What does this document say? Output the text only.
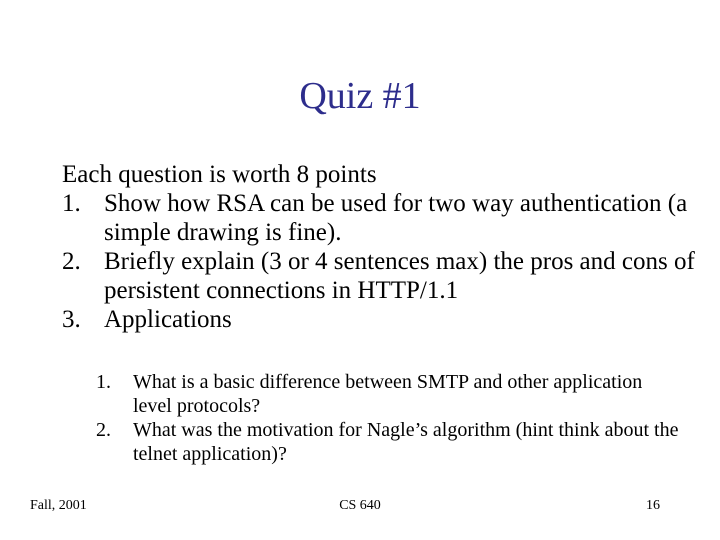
Quiz #1

Each question is worth 8 points

1. Show how RSA can be used for two way authentication (a simple drawing is fine).
2. Briefly explain (3 or 4 sentences max) the pros and cons of persistent connections in HTTP/1.1
3. Applications
1.	What is a basic difference between SMTP and other application level protocols?
2.	What was the motivation for Nagle’s algorithm (hint think about the telnet application)?
Fall, 2001	CS 640	16
